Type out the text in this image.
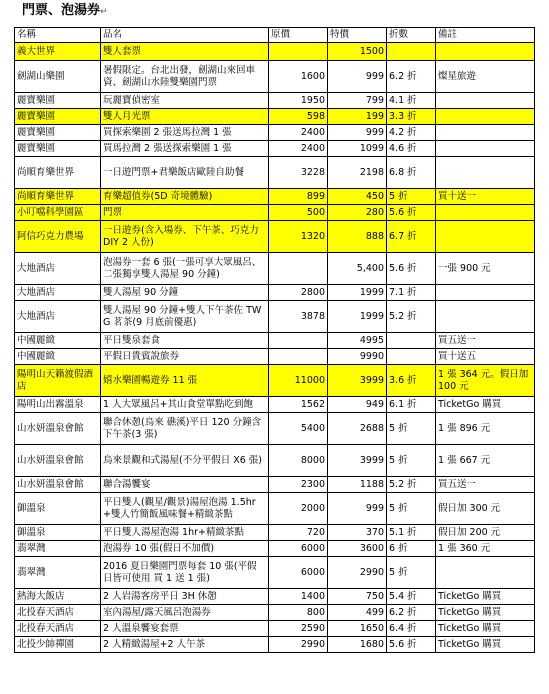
門票、泡湯券↵
名稱	品名	原價	特價	折數	備註
義大世界	雙人套票		1500		
劍湖山樂園	暑假限定。台北出發，劍湖山來回車資、劍湖山水陸雙樂園門票	1600	999	6.2 折	燦星旅遊
麗寶樂園	玩麗寶偵密室	1950	799	4.1 折	
麗寶樂園	雙人月光票	598	199	3.3 折	
麗寶樂園	買探索樂園 2 張送馬拉灣 1 張	2400	999	4.2 折	
麗寶樂園	買馬拉灣 2 張送探索樂園 1 張	2400	1099	4.6 折	
尚順育樂世界	一日遊門票+君樂飯店歐陸自助餐	3228	2198	6.8 折	
尚順育樂世界	育樂超值券(5D 奇境體驗)	899	450	5 折	買十送一
小叮噹科學園區	門票	500	280	5.6 折	
阿信巧克力農場	一日遊券(含入場券、下午茶、巧克力 DIY 2 人份)	1320	888	6.7 折	
大地酒店	泡湯券一套 6 張(一張可享大眾風呂、二張獨享雙人湯屋 90 分鐘)		5,400	5.6 折	一張 900 元
大地酒店	雙人湯屋 90 分鐘	2800	1999	7.1 折	
大地酒店	雙人湯屋 90 分鐘+雙人下午茶佐 TWG 茗茶(9 月底前優惠)	3878	1999	5.2 折	
中國麗緻	平日雙泉套食		4995		買五送一
中國麗緻	平假日貴賓說旅券		9990		買十送五
陽明山天籟渡假酒店	嬉水樂園暢遊券 11 張	11000	3999	3.6 折	1 張 364 元。假日加 100 元
陽明山出霧溫泉	1 人大眾風呂+其山食堂單點吃到飽	1562	949	6.1 折	TicketGo 購買
山水妍溫泉會館	聯合休憩(烏來 礁溪)平日 120 分鐘含下午茶(3 張)	5400	2688	5 折	1 張 896 元
山水妍溫泉會館	烏來景觀和式湯屋(不分平假日 X6 張)	8000	3999	5 折	1 張 667 元
山水妍溫泉會館	聯合湯饗宴	2300	1188	5.2 折	買五送一
御溫泉	平日雙人(觀星/觀景)湯屋泡湯 1.5hr+雙人竹簡飯風味餐+精緻茶點	2000	999	5 折	假日加 300 元
御溫泉	平日雙人湯屋泡湯 1hr+精緻茶點	720	370	5.1 折	假日加 200 元
翡翠灣	泡湯券 10 張(假日不加價)	6000	3600	6 折	1 張 360 元
翡翠灣	2016 夏日樂園門票每套 10 張(平假日皆可使用 買 1 送 1 張)	6000	2990	5 折	
熱海大飯店	2 人岩湯客房平日 3H 休憩	1400	750	5.4 折	TicketGo 購買
北投春天酒店	室內湯屋/露天風呂泡湯券	800	499	6.2 折	TicketGo 購買
北投春天酒店	2 人溫泉饗宴套票	2590	1650	6.4 折	TicketGo 購買
北投少帥禪園	2 人精緻湯屋+2 人午茶	2990	1680	5.6 折	TicketGo 購買
